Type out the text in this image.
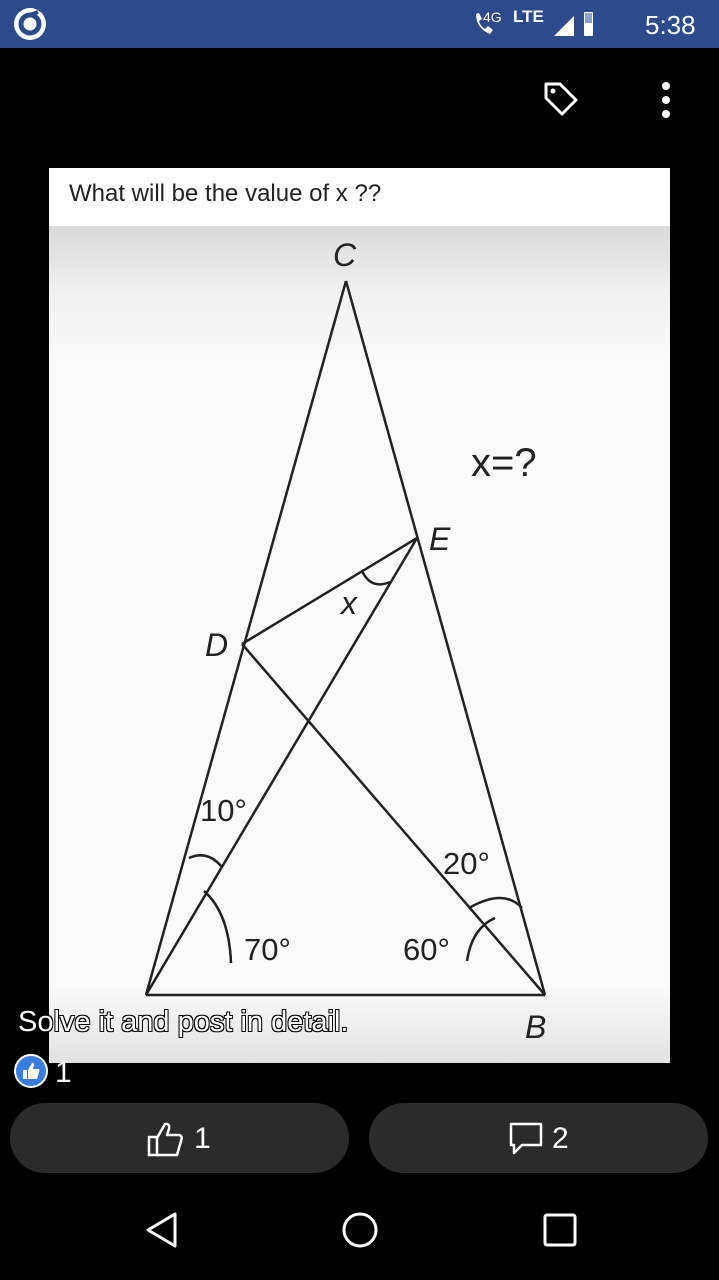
4G LTE	5:38
What will be the value of x ??
C
E
D
B
x
x=?
10°
70°	60°
20°
Solve it and post in detail.
1
1	2
